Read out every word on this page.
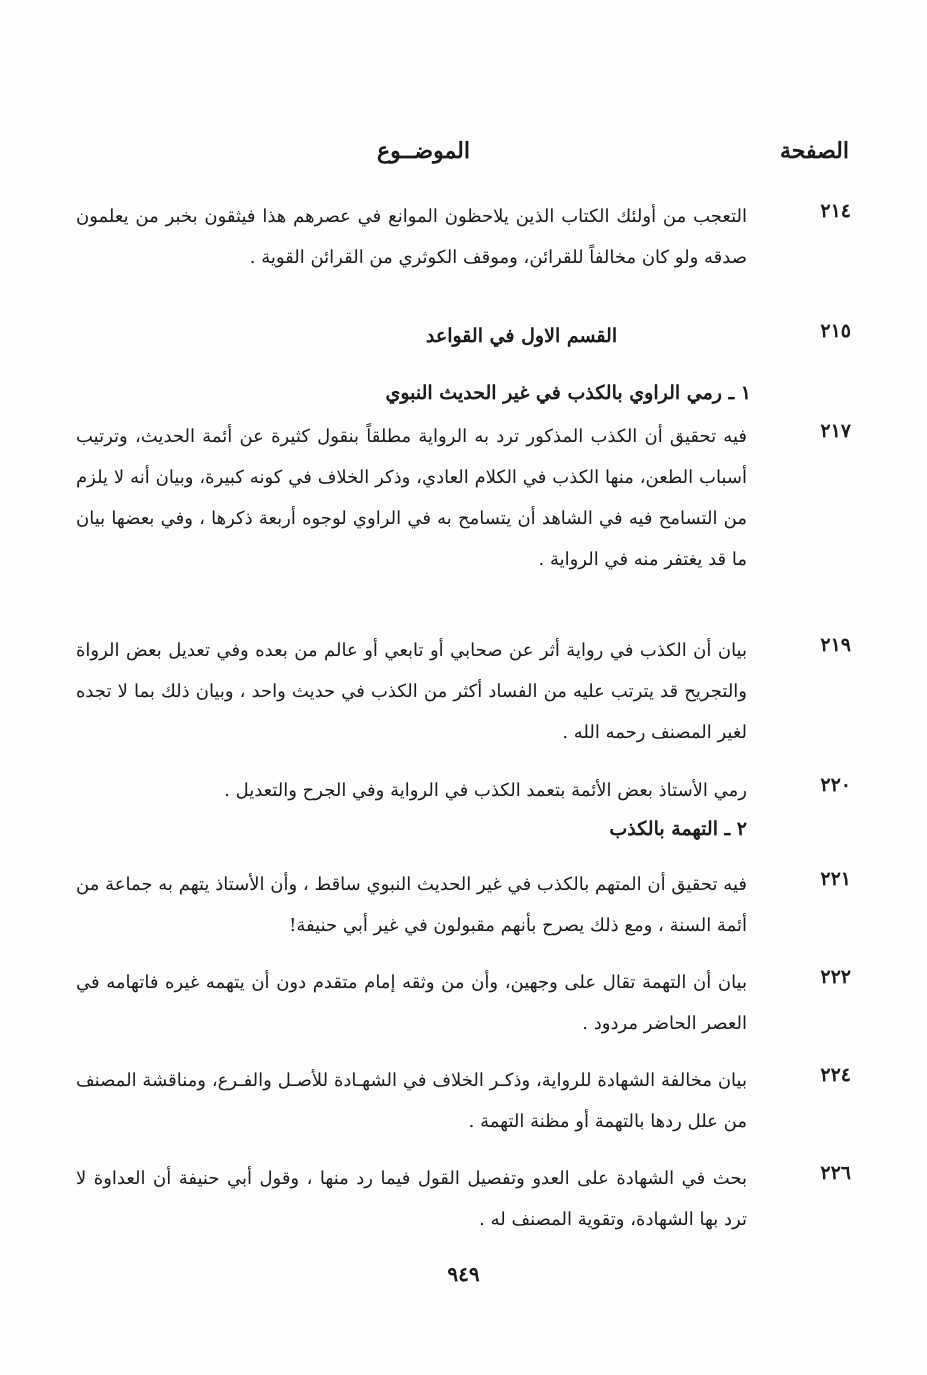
الصفحة
الموضــوع
٢١٤
التعجب من أولئك الكتاب الذين يلاحظون الموانع في عصرهم هذا فيثقون بخبر من يعلمون صدقه ولو كان مخالفاً للقرائن، وموقف الكوثري من القرائن القوية .
٢١٥
القسم الاول في القواعد
١ ـ رمي الراوي بالكذب في غير الحديث النبوي
٢١٧
فيه تحقيق أن الكذب المذكور ترد به الرواية مطلقاً بنقول كثيرة عن أئمة الحديث، وترتيب أسباب الطعن، منها الكذب في الكلام العادي، وذكر الخلاف في كونه كبيرة، وبيان أنه لا يلزم من التسامح فيه في الشاهد أن يتسامح به في الراوي لوجوه أربعة ذكرها ، وفي بعضها بيان ما قد يغتفر منه في الرواية .
٢١٩
بيان أن الكذب في رواية أثر عن صحابي أو تابعي أو عالم من بعده وفي تعديل بعض الرواة والتجريح قد يترتب عليه من الفساد أكثر من الكذب في حديث واحد ، وبيان ذلك بما لا تجده لغير المصنف رحمه الله .
٢٢٠
رمي الأستاذ بعض الأئمة بتعمد الكذب في الرواية وفي الجرح والتعديل .
٢ ـ التهمة بالكذب
٢٢١
فيه تحقيق أن المتهم بالكذب في غير الحديث النبوي ساقط ، وأن الأستاذ يتهم به جماعة من أئمة السنة ، ومع ذلك يصرح بأنهم مقبولون في غير أبي حنيفة!
٢٢٢
بيان أن التهمة تقال على وجهين، وأن من وثقه إمام متقدم دون أن يتهمه غيره فاتهامه في العصر الحاضر مردود .
٢٢٤
بيان مخالفة الشهادة للرواية، وذكـر الخلاف في الشهـادة للأصـل والفـرع، ومناقشة المصنف من علل ردها بالتهمة أو مظنة التهمة .
٢٢٦
بحث في الشهادة على العدو وتفصيل القول فيما رد منها ، وقول أبي حنيفة أن العداوة لا ترد بها الشهادة، وتقوية المصنف له .
٩٤٩
